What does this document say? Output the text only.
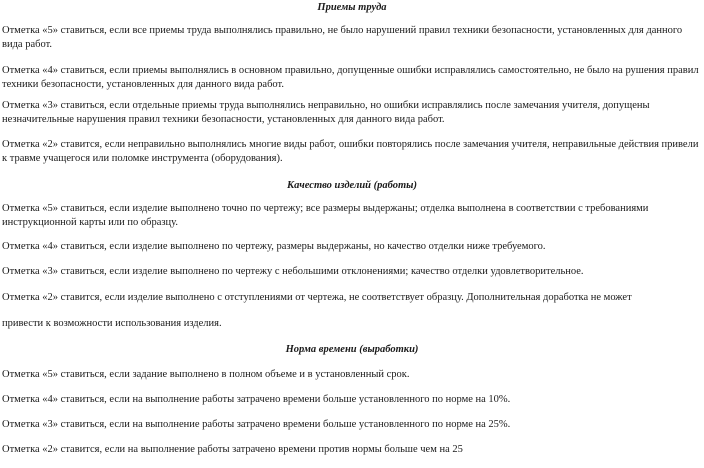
Приемы труда
Отметка «5» ставиться, если все приемы труда выполнялись правильно, не было нарушений правил техники безопасности, установленных для данного вида работ.
Отметка «4» ставиться, если приемы выполнялись в основном правильно, допущенные ошибки исправлялись самостоятельно, не было на рушения правил техники безопасности, установленных для данного вида работ.
Отметка «3» ставиться, если отдельные приемы труда выполнялись неправильно, но ошибки исправлялись после замечания учителя, допущены незначительные нарушения правил техники безопасности, установленных для данного вида работ.
Отметка «2» ставится, если неправильно выполнялись многие виды работ, ошибки повторялись после замечания учителя, неправильные действия привели к травме учащегося или поломке инструмента (оборудования).
Качество изделий (работы)
Отметка «5» ставиться, если изделие выполнено точно по чертежу; все размеры выдержаны; отделка выполнена в соответствии с требованиями инструкционной карты или по образцу.
Отметка «4» ставиться, если изделие выполнено по чертежу, размеры выдержаны, но качество отделки ниже требуемого.
Отметка «3» ставиться, если изделие выполнено по чертежу с небольшими отклонениями; качество отделки удовлетворительное.
Отметка «2» ставится, если изделие выполнено с отступлениями от чертежа, не соответствует образцу. Дополнительная доработка не может
привести к возможности использования изделия.
Норма времени (выработки)
Отметка «5» ставиться, если задание выполнено в полном объеме и в установленный срок.
Отметка «4» ставиться, если на выполнение работы затрачено времени больше установленного по норме на 10%.
Отметка «3» ставиться, если на выполнение работы затрачено времени больше установленного по норме на 25%.
Отметка «2» ставится, если на выполнение работы затрачено времени против нормы больше чем на 25
